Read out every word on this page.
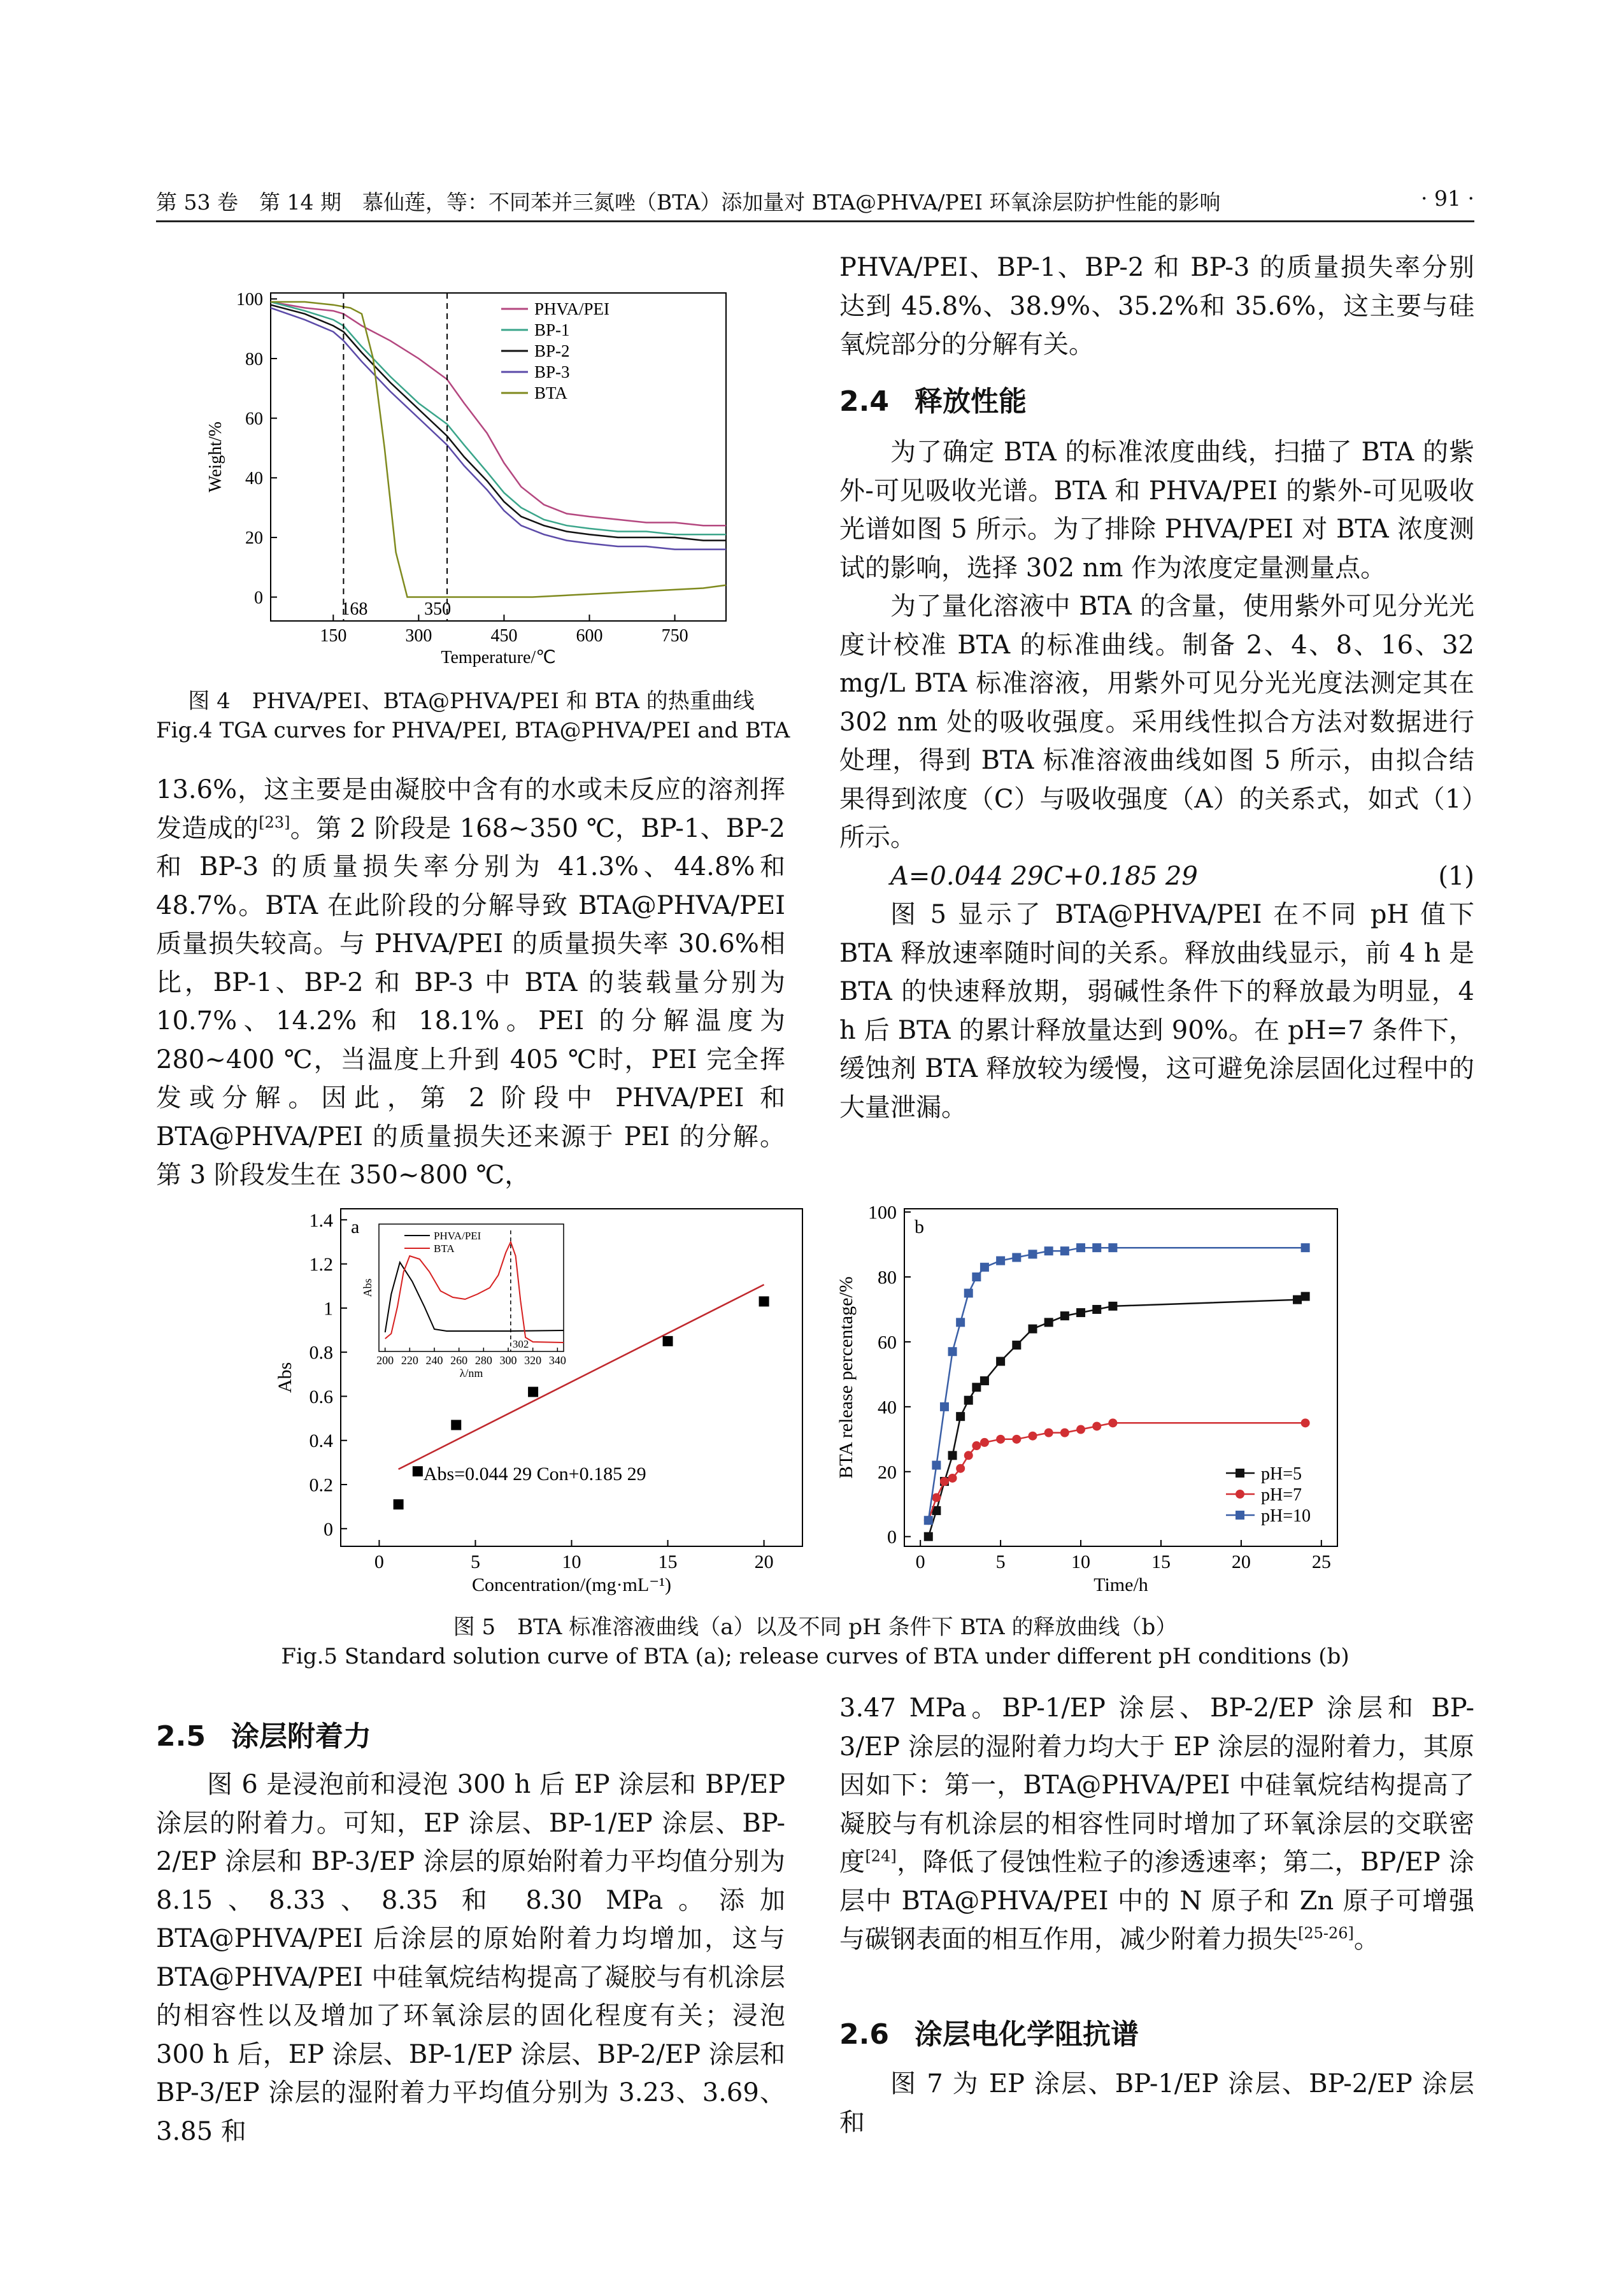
第 53 卷　第 14 期　慕仙莲，等：不同苯并三氮唑（BTA）添加量对 BTA@PHVA/PEI 环氧涂层防护性能的影响	· 91 ·
150	300	450	600	750
0
20
40
60
80
100
Temperature/℃
Weight/%
168	350
PHVA/PEI
BP-1
BP-2
BP-3
BTA
图 4　PHVA/PEI、BTA@PHVA/PEI 和 BTA 的热重曲线
Fig.4 TGA curves for PHVA/PEI, BTA@PHVA/PEI and BTA

13.6%，这主要是由凝胶中含有的水或未反应的溶剂挥发造成的[23]。第 2 阶段是 168~350 ℃，BP-1、BP-2 和 BP-3 的质量损失率分别为 41.3%、44.8%和 48.7%。BTA 在此阶段的分解导致 BTA@PHVA/PEI 质量损失较高。与 PHVA/PEI 的质量损失率 30.6%相比，BP-1、BP-2 和 BP-3 中 BTA 的装载量分别为 10.7%、14.2% 和 18.1%。PEI 的分解温度为 280~400 ℃，当温度上升到 405 ℃时，PEI 完全挥发或分解。因此，第 2 阶段中 PHVA/PEI 和 BTA@PHVA/PEI 的质量损失还来源于 PEI 的分解。第 3 阶段发生在 350~800 ℃，

PHVA/PEI、BP-1、BP-2 和 BP-3 的质量损失率分别达到 45.8%、38.9%、35.2%和 35.6%，这主要与硅氧烷部分的分解有关。

2.4 释放性能

为了确定 BTA 的标准浓度曲线，扫描了 BTA 的紫外-可见吸收光谱。BTA 和 PHVA/PEI 的紫外-可见吸收光谱如图 5 所示。为了排除 PHVA/PEI 对 BTA 浓度测试的影响，选择 302 nm 作为浓度定量测量点。

为了量化溶液中 BTA 的含量，使用紫外可见分光光度计校准 BTA 的标准曲线。制备 2、4、8、16、32 mg/L BTA 标准溶液，用紫外可见分光光度法测定其在 302 nm 处的吸收强度。采用线性拟合方法对数据进行处理，得到 BTA 标准溶液曲线如图 5 所示，由拟合结果得到浓度（C）与吸收强度（A）的关系式，如式（1）所示。

A=0.044 29C+0.185 29	(1)

图 5 显示了 BTA@PHVA/PEI 在不同 pH 值下 BTA 释放速率随时间的关系。释放曲线显示，前 4 h 是 BTA 的快速释放期，弱碱性条件下的释放最为明显，4 h 后 BTA 的累计释放量达到 90%。在 pH=7 条件下，缓蚀剂 BTA 释放较为缓慢，这可避免涂层固化过程中的大量泄漏。

0	5	10	15	20
0
0.2
0.4
0.6
0.8
1
1.2
1.4
Concentration/(mg·mL⁻¹)
Abs
a
Abs=0.044 29 Con+0.185 29
200 220 240 260 280 300 320 340
λ/nm
Abs
302
PHVA/PEI
BTA
0	5	10	15	20	25
0
20
40
60
80
100
Time/h
BTA release percentage/%
b
pH=5
pH=7
pH=10
图 5　BTA 标准溶液曲线（a）以及不同 pH 条件下 BTA 的释放曲线（b）
Fig.5 Standard solution curve of BTA (a); release curves of BTA under different pH conditions (b)
2.5 涂层附着力

图 6 是浸泡前和浸泡 300 h 后 EP 涂层和 BP/EP 涂层的附着力。可知，EP 涂层、BP-1/EP 涂层、BP-2/EP 涂层和 BP-3/EP 涂层的原始附着力平均值分别为 8.15、8.33、8.35 和 8.30 MPa。添加 BTA@PHVA/PEI 后涂层的原始附着力均增加，这与 BTA@PHVA/PEI 中硅氧烷结构提高了凝胶与有机涂层的相容性以及增加了环氧涂层的固化程度有关；浸泡 300 h 后，EP 涂层、BP-1/EP 涂层、BP-2/EP 涂层和 BP-3/EP 涂层的湿附着力平均值分别为 3.23、3.69、3.85 和

3.47 MPa。BP-1/EP 涂层、BP-2/EP 涂层和 BP-3/EP 涂层的湿附着力均大于 EP 涂层的湿附着力，其原因如下：第一，BTA@PHVA/PEI 中硅氧烷结构提高了凝胶与有机涂层的相容性同时增加了环氧涂层的交联密度[24]，降低了侵蚀性粒子的渗透速率；第二，BP/EP 涂层中 BTA@PHVA/PEI 中的 N 原子和 Zn 原子可增强与碳钢表面的相互作用，减少附着力损失[25-26]。

2.6 涂层电化学阻抗谱

图 7 为 EP 涂层、BP-1/EP 涂层、BP-2/EP 涂层和
